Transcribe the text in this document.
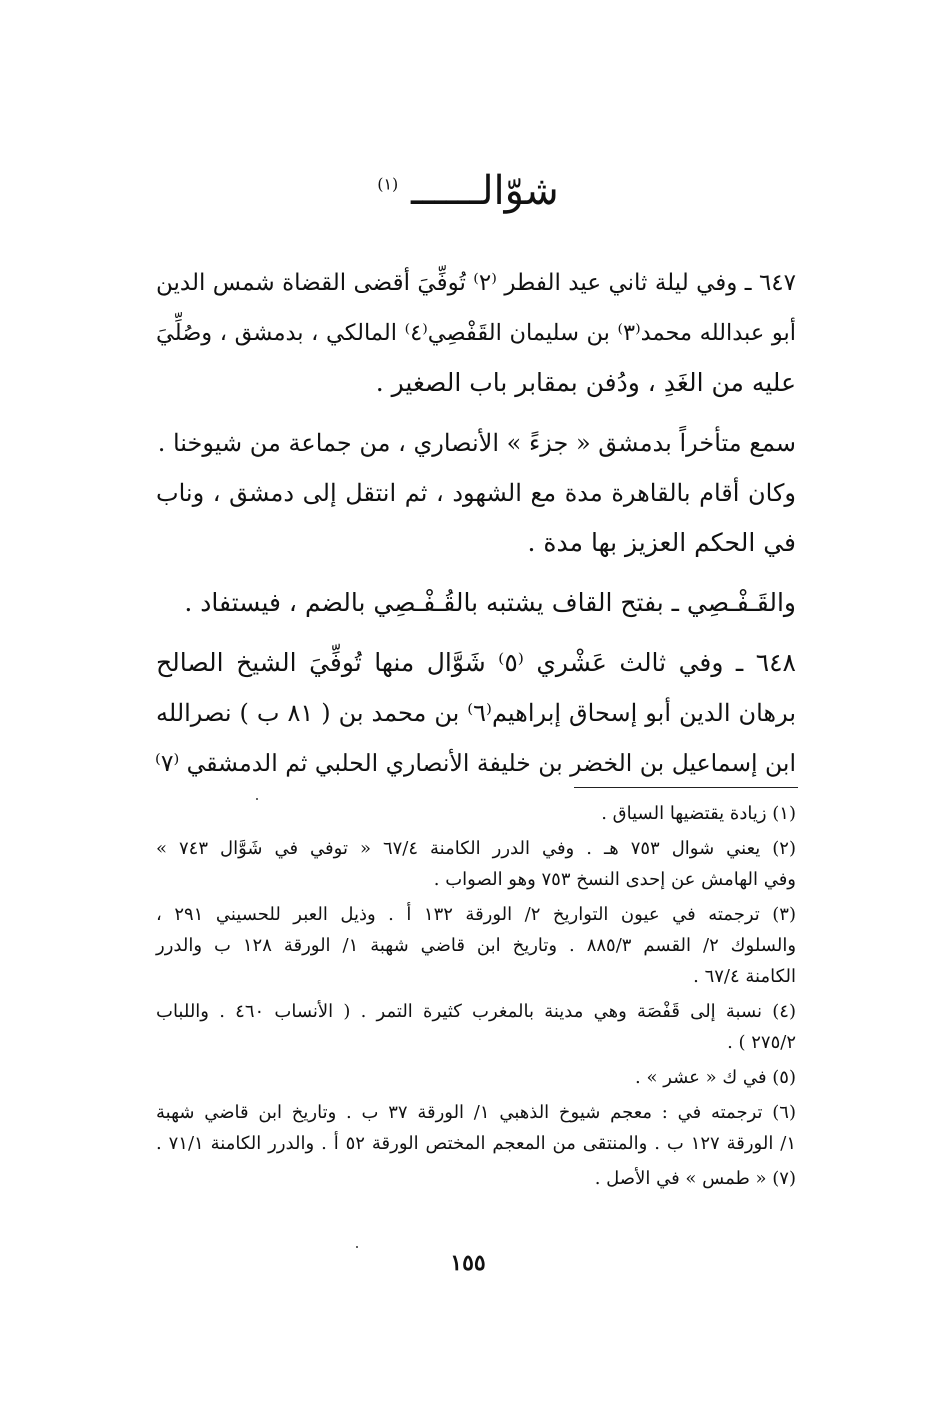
شوّالــــــ $^{(١)}$
٦٤٧ ـ وفي ليلة ثاني عيد الفطر ⁽٢⁾ تُوفِّيَ أقضى القضاة شمس الدين
أبو عبدالله محمد⁽٣⁾ بن سليمان القَفْصِي⁽٤⁾ المالكي ، بدمشق ، وصُلِّيَ
عليه من الغَدِ ، ودُفن بمقابر باب الصغير .
سمع متأخراً بدمشق « جزءً » الأنصاري ، من جماعة من شيوخنا .
وكان أقام بالقاهرة مدة مع الشهود ، ثم انتقل إلى دمشق ، وناب
في الحكم العزيز بها مدة .
والقَـفْـصِي ـ بفتح القاف يشتبه بالقُـفْـصِي بالضم ، فيستفاد .
٦٤٨ ـ وفي ثالث عَشْري ⁽٥⁾ شَوَّال منها تُوفِّيَ الشيخ الصالح
برهان الدين أبو إسحاق إبراهيم⁽٦⁾ بن محمد بن ( ٨١ ب ) نصرالله
ابن إسماعيل بن الخضر بن خليفة الأنصاري الحلبي ثم الدمشقي ⁽٧⁾
(١) زيادة يقتضيها السياق .
(٢) يعني شوال ٧٥٣ هـ . وفي الدرر الكامنة ٦٧/٤ « توفي في شَوَّال ٧٤٣ »
وفي الهامش عن إحدى النسخ ٧٥٣ وهو الصواب .
(٣) ترجمته في عيون التواريخ ٢/ الورقة ١٣٢ أ . وذيل العبر للحسيني ٢٩١ ،
والسلوك ٢/ القسم ٨٨٥/٣ . وتاريخ ابن قاضي شهبة ١/ الورقة ١٢٨ ب والدرر
الكامنة ٦٧/٤ .
(٤) نسبة إلى قَفْصَة وهي مدينة بالمغرب كثيرة التمر . ( الأنساب ٤٦٠ . واللباب
٢٧٥/٢ ) .
(٥) في ك « عشر » .
(٦) ترجمته في : معجم شيوخ الذهبي ١/ الورقة ٣٧ ب . وتاريخ ابن قاضي شهبة
١/ الورقة ١٢٧ ب . والمنتقى من المعجم المختص الورقة ٥٢ أ . والدرر الكامنة ٧١/١ .
(٧) « طمس » في الأصل .
١٥٥
